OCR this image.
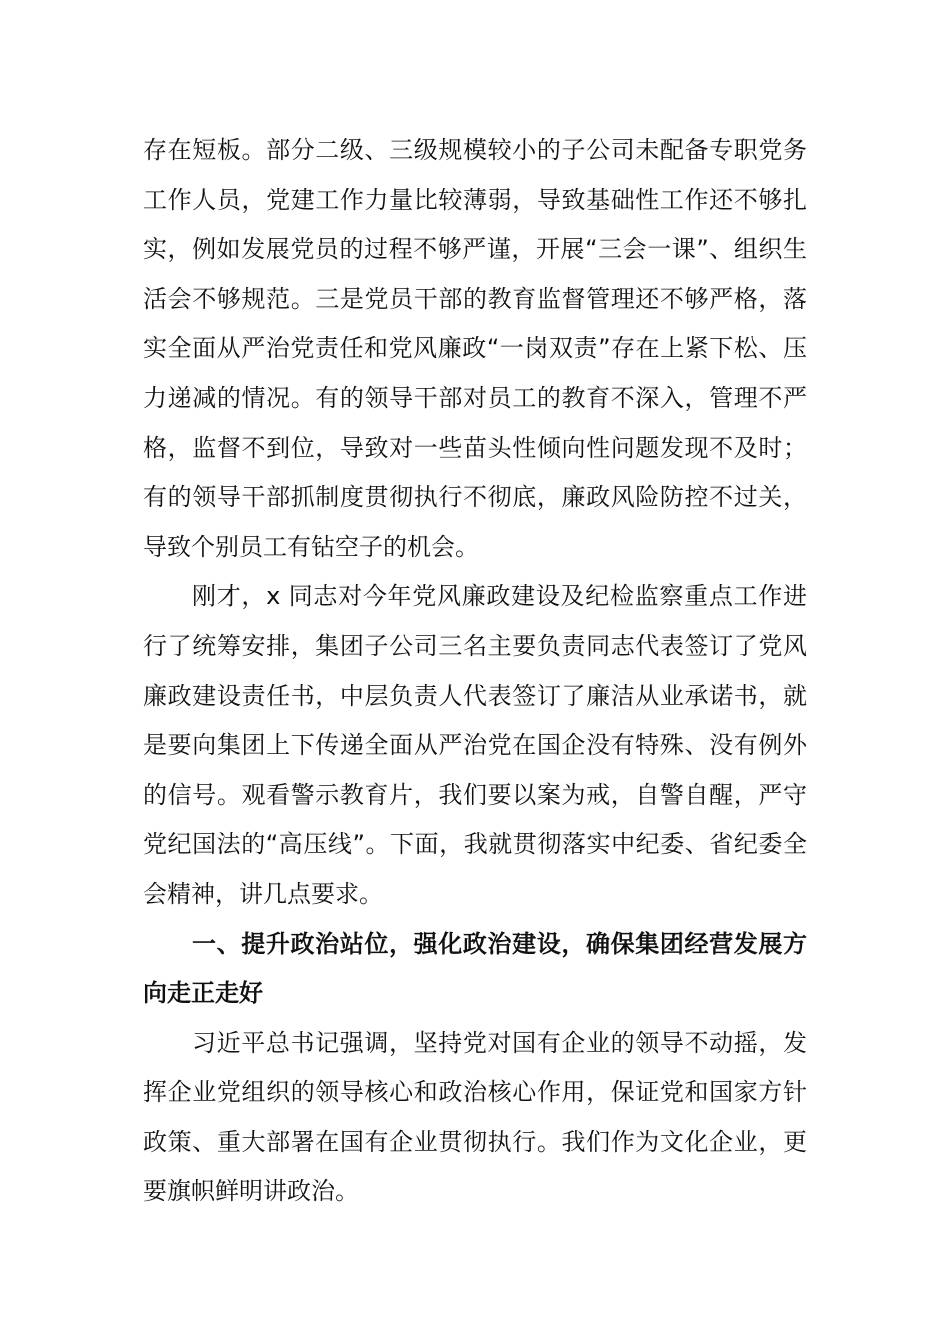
存在短板。部分二级、三级规模较小的子公司未配备专职党务工作人员，党建工作力量比较薄弱，导致基础性工作还不够扎实，例如发展党员的过程不够严谨，开展“三会一课”、组织生活会不够规范。三是党员干部的教育监督管理还不够严格，落实全面从严治党责任和党风廉政“一岗双责”存在上紧下松、压力递减的情况。有的领导干部对员工的教育不深入，管理不严格，监督不到位，导致对一些苗头性倾向性问题发现不及时；有的领导干部抓制度贯彻执行不彻底，廉政风险防控不过关，导致个别员工有钻空子的机会。

刚才，x 同志对今年党风廉政建设及纪检监察重点工作进行了统筹安排，集团子公司三名主要负责同志代表签订了党风廉政建设责任书，中层负责人代表签订了廉洁从业承诺书，就是要向集团上下传递全面从严治党在国企没有特殊、没有例外的信号。观看警示教育片，我们要以案为戒，自警自醒，严守党纪国法的“高压线”。下面，我就贯彻落实中纪委、省纪委全会精神，讲几点要求。

一、提升政治站位，强化政治建设，确保集团经营发展方向走正走好

习近平总书记强调，坚持党对国有企业的领导不动摇，发挥企业党组织的领导核心和政治核心作用，保证党和国家方针政策、重大部署在国有企业贯彻执行。我们作为文化企业，更要旗帜鲜明讲政治。
